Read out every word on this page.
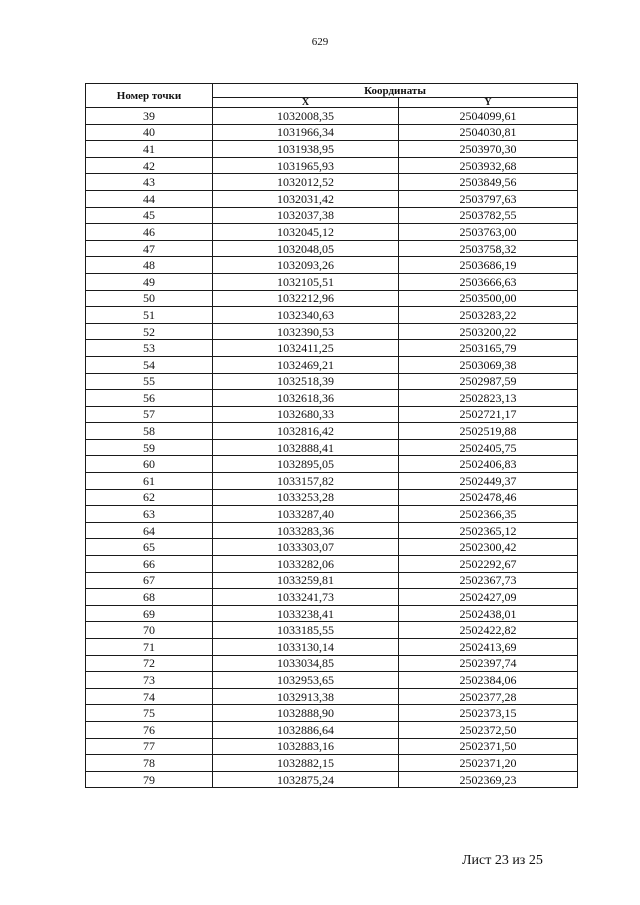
629
Номер точки	Координаты	
	X	Y
39	1032008,35	2504099,61
40	1031966,34	2504030,81
41	1031938,95	2503970,30
42	1031965,93	2503932,68
43	1032012,52	2503849,56
44	1032031,42	2503797,63
45	1032037,38	2503782,55
46	1032045,12	2503763,00
47	1032048,05	2503758,32
48	1032093,26	2503686,19
49	1032105,51	2503666,63
50	1032212,96	2503500,00
51	1032340,63	2503283,22
52	1032390,53	2503200,22
53	1032411,25	2503165,79
54	1032469,21	2503069,38
55	1032518,39	2502987,59
56	1032618,36	2502823,13
57	1032680,33	2502721,17
58	1032816,42	2502519,88
59	1032888,41	2502405,75
60	1032895,05	2502406,83
61	1033157,82	2502449,37
62	1033253,28	2502478,46
63	1033287,40	2502366,35
64	1033283,36	2502365,12
65	1033303,07	2502300,42
66	1033282,06	2502292,67
67	1033259,81	2502367,73
68	1033241,73	2502427,09
69	1033238,41	2502438,01
70	1033185,55	2502422,82
71	1033130,14	2502413,69
72	1033034,85	2502397,74
73	1032953,65	2502384,06
74	1032913,38	2502377,28
75	1032888,90	2502373,15
76	1032886,64	2502372,50
77	1032883,16	2502371,50
78	1032882,15	2502371,20
79	1032875,24	2502369,23
Лист 23 из 25
